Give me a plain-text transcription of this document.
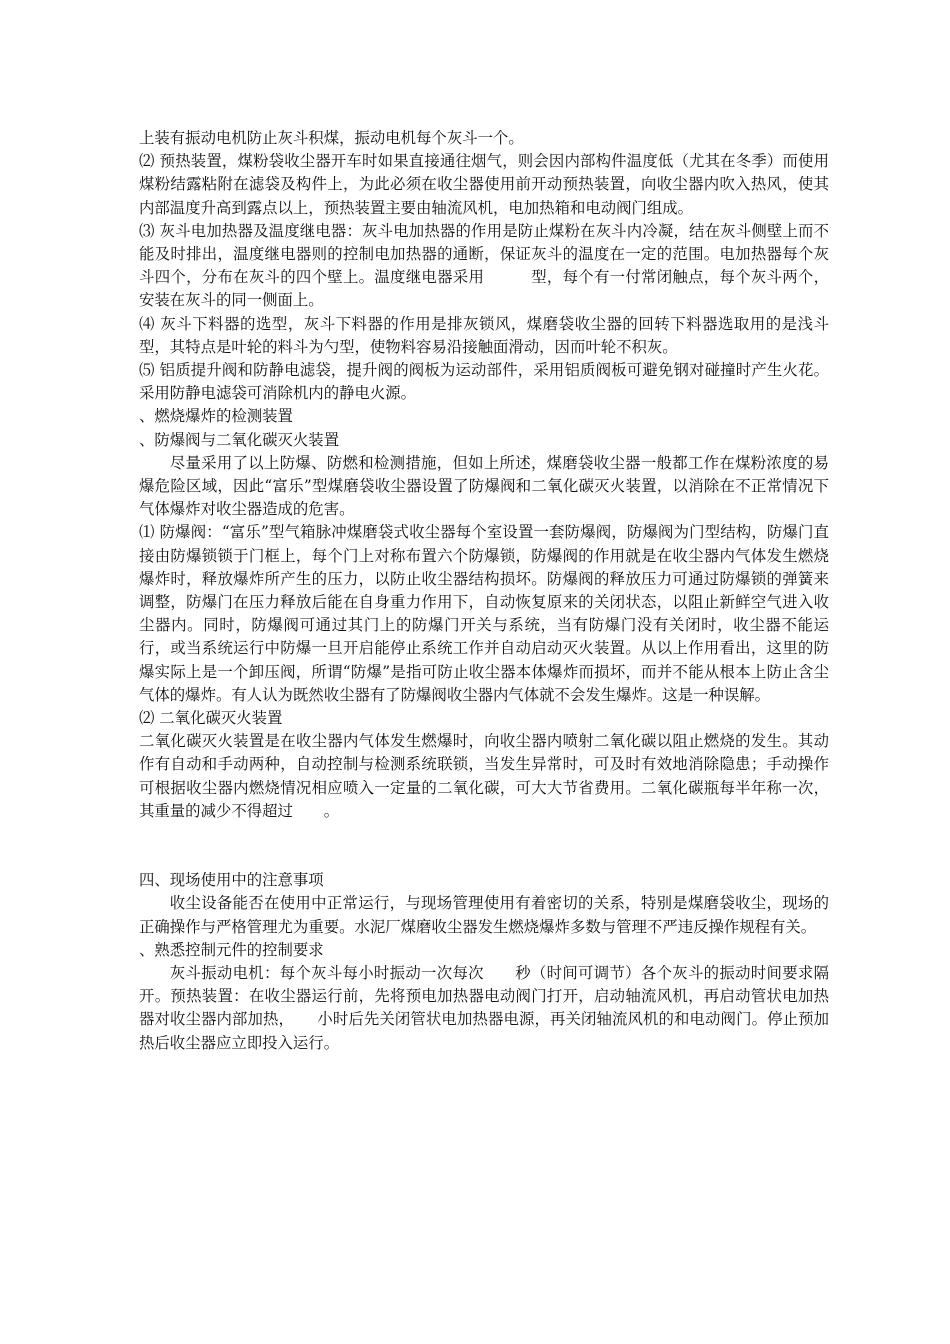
上装有振动电机防止灰斗积煤，振动电机每个灰斗一个。

⑵ 预热装置，煤粉袋收尘器开车时如果直接通往烟气，则会因内部构件温度低（尤其在冬季）而使用煤粉结露粘附在滤袋及构件上，为此必须在收尘器使用前开动预热装置，向收尘器内吹入热风，使其内部温度升高到露点以上，预热装置主要由轴流风机，电加热箱和电动阀门组成。

⑶ 灰斗电加热器及温度继电器：灰斗电加热器的作用是防止煤粉在灰斗内冷凝，结在灰斗侧壁上而不能及时排出，温度继电器则的控制电加热器的通断，保证灰斗的温度在一定的范围。电加热器每个灰斗四个，分布在灰斗的四个壁上。温度继电器采用　　　型，每个有一付常闭触点，每个灰斗两个，安装在灰斗的同一侧面上。

⑷ 灰斗下料器的选型，灰斗下料器的作用是排灰锁风，煤磨袋收尘器的回转下料器选取用的是浅斗型，其特点是叶轮的料斗为勺型，使物料容易沿接触面滑动，因而叶轮不积灰。

⑸ 铝质提升阀和防静电滤袋，提升阀的阀板为运动部件，采用铝质阀板可避免钢对碰撞时产生火花。采用防静电滤袋可消除机内的静电火源。

、燃烧爆炸的检测装置

、防爆阀与二氧化碳灭火装置

尽量采用了以上防爆、防燃和检测措施，但如上所述，煤磨袋收尘器一般都工作在煤粉浓度的易爆危险区域，因此“富乐”型煤磨袋收尘器设置了防爆阀和二氧化碳灭火装置，以消除在不正常情况下气体爆炸对收尘器造成的危害。

⑴ 防爆阀：“富乐”型气箱脉冲煤磨袋式收尘器每个室设置一套防爆阀，防爆阀为门型结构，防爆门直接由防爆锁锁于门框上，每个门上对称布置六个防爆锁，防爆阀的作用就是在收尘器内气体发生燃烧爆炸时，释放爆炸所产生的压力，以防止收尘器结构损坏。防爆阀的释放压力可通过防爆锁的弹簧来调整，防爆门在压力释放后能在自身重力作用下，自动恢复原来的关闭状态，以阻止新鲜空气进入收尘器内。同时，防爆阀可通过其门上的防爆门开关与系统，当有防爆门没有关闭时，收尘器不能运行，或当系统运行中防爆一旦开启能停止系统工作并自动启动灭火装置。从以上作用看出，这里的防爆实际上是一个卸压阀，所谓“防爆”是指可防止收尘器本体爆炸而损坏，而并不能从根本上防止含尘气体的爆炸。有人认为既然收尘器有了防爆阀收尘器内气体就不会发生爆炸。这是一种误解。

⑵ 二氧化碳灭火装置

二氧化碳灭火装置是在收尘器内气体发生燃爆时，向收尘器内喷射二氧化碳以阻止燃烧的发生。其动作有自动和手动两种，自动控制与检测系统联锁，当发生异常时，可及时有效地消除隐患；手动操作可根据收尘器内燃烧情况相应喷入一定量的二氧化碳，可大大节省费用。二氧化碳瓶每半年称一次，其重量的减少不得超过　　。

四、现场使用中的注意事项

收尘设备能否在使用中正常运行，与现场管理使用有着密切的关系，特别是煤磨袋收尘，现场的正确操作与严格管理尤为重要。水泥厂煤磨收尘器发生燃烧爆炸多数与管理不严违反操作规程有关。

、熟悉控制元件的控制要求

灰斗振动电机：每个灰斗每小时振动一次每次　　秒（时间可调节）各个灰斗的振动时间要求隔开。预热装置：在收尘器运行前，先将预电加热器电动阀门打开，启动轴流风机，再启动管状电加热器对收尘器内部加热，　　小时后先关闭管状电加热器电源，再关闭轴流风机的和电动阀门。停止预加热后收尘器应立即投入运行。
